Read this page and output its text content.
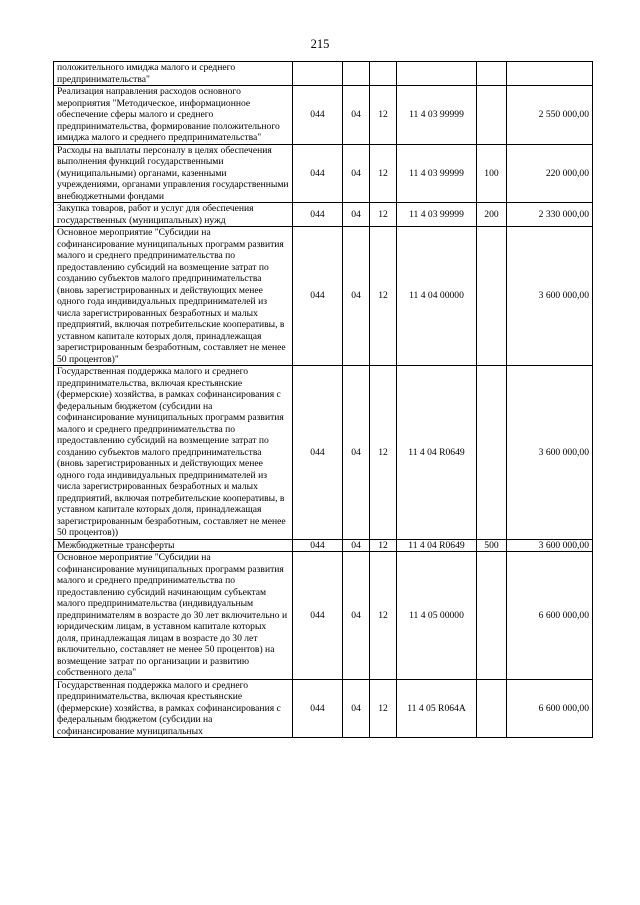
215
положительного имиджа малого и среднего предпринимательства"						
Реализация направления расходов основного мероприятия "Методическое, информационное обеспечение сферы малого и среднего предпринимательства, формирование положительного имиджа малого и среднего предпринимательства"	044	04	12	11 4 03 99999		2 550 000,00
Расходы на выплаты персоналу в целях обеспечения выполнения функций государственными (муниципальными) органами, казенными учреждениями, органами управления государственными внебюджетными фондами	044	04	12	11 4 03 99999	100	220 000,00
Закупка товаров, работ и услуг для обеспечения государственных (муниципальных) нужд	044	04	12	11 4 03 99999	200	2 330 000,00
Основное мероприятие "Субсидии на софинансирование муниципальных программ развития малого и среднего предпринимательства по предоставлению субсидий на возмещение затрат по созданию субъектов малого предпринимательства (вновь зарегистрированных и действующих менее одного года индивидуальных предпринимателей из числа зарегистрированных безработных и малых предприятий, включая потребительские кооперативы, в уставном капитале которых доля, принадлежащая зарегистрированным безработным, составляет не менее 50 процентов)"	044	04	12	11 4 04 00000		3 600 000,00
Государственная поддержка малого и среднего предпринимательства, включая крестьянские (фермерские) хозяйства, в рамках софинансирования с федеральным бюджетом (субсидии на софинансирование муниципальных программ развития малого и среднего предпринимательства по предоставлению субсидий на возмещение затрат по созданию субъектов малого предпринимательства (вновь зарегистрированных и действующих менее одного года индивидуальных предпринимателей из числа зарегистрированных безработных и малых предприятий, включая потребительские кооперативы, в уставном капитале которых доля, принадлежащая зарегистрированным безработным, составляет не менее 50 процентов))	044	04	12	11 4 04 R0649		3 600 000,00
Межбюджетные трансферты	044	04	12	11 4 04 R0649	500	3 600 000,00
Основное мероприятие "Субсидии на софинансирование муниципальных программ развития малого и среднего предпринимательства по предоставлению субсидий начинающим субъектам малого предпринимательства (индивидуальным предпринимателям в возрасте до 30 лет включительно и юридическим лицам, в уставном капитале которых доля, принадлежащая лицам в возрасте до 30 лет включительно, составляет не менее 50 процентов) на возмещение затрат по организации и развитию собственного дела"	044	04	12	11 4 05 00000		6 600 000,00
Государственная поддержка малого и среднего предпринимательства, включая крестьянские (фермерские) хозяйства, в рамках софинансирования с федеральным бюджетом (субсидии на софинансирование муниципальных	044	04	12	11 4 05 R064A		6 600 000,00
